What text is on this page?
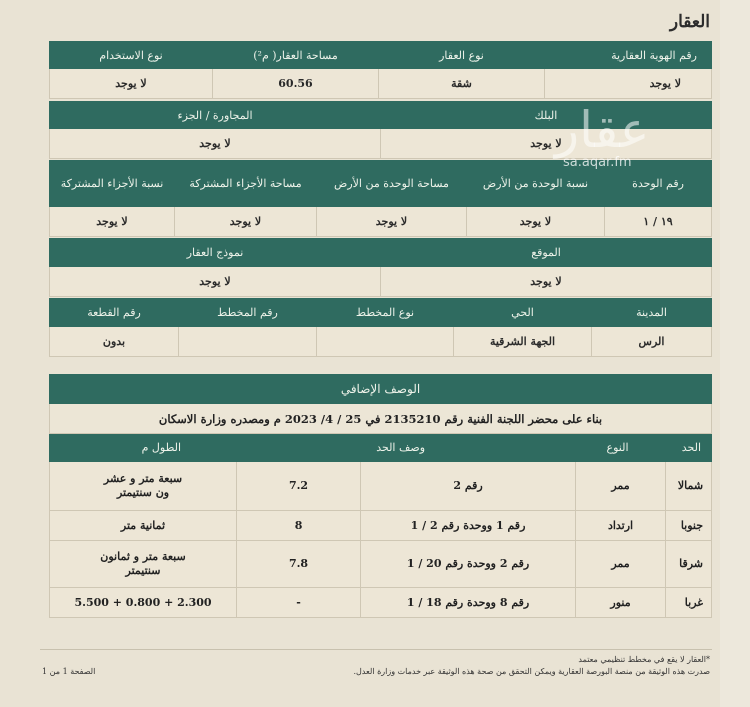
العقار
رقم الهوية العقارية	نوع العقار	مساحة العقار( م²)	نوع الاستخدام
لا يوجد	شقة	60.56	لا يوجد
البلك	المجاورة / الجزء
لا يوجد	لا يوجد
رقم الوحدة	نسبة الوحدة من الأرض	مساحة الوحدة من الأرض	مساحة الأجزاء المشتركة	نسبة الأجزاء المشتركة
١٩ / ١	لا يوجد	لا يوجد	لا يوجد	لا يوجد
الموقع	نموذج العقار
لا يوجد	لا يوجد
المدينة	الحي	نوع المخطط	رقم المخطط	رقم القطعة
الرس	الجهة الشرقية			بدون
الوصف الإضافي				
بناء على محضر اللجنة الفنية رقم 2135210 في 25 / 4/ 2023 م ومصدره وزارة الاسكان				
الحد	النوع	وصف الحد		الطول م
شمالا	ممر	رقم 2	7.2	سبعة متر و عشر ون سنتيمتر
جنوبا	ارتداد	رقم 1 ووحدة رقم 2 / 1	8	ثمانية متر
شرقا	ممر	رقم 2 ووحدة رقم 20 / 1	7.8	سبعة متر و ثمانون سنتيمتر
غربا	منور	رقم 8 ووحدة رقم 18 / 1	-	5.500 + 0.800 + 2.300
عقار
sa.aqar.fm
*العقار لا يقع في مخطط تنظيمي معتمد
صدرت هذه الوثيقة من منصة البورصة العقارية ويمكن التحقق من صحة هذه الوثيقة عبر خدمات وزارة العدل.
الصفحة 1 من 1
